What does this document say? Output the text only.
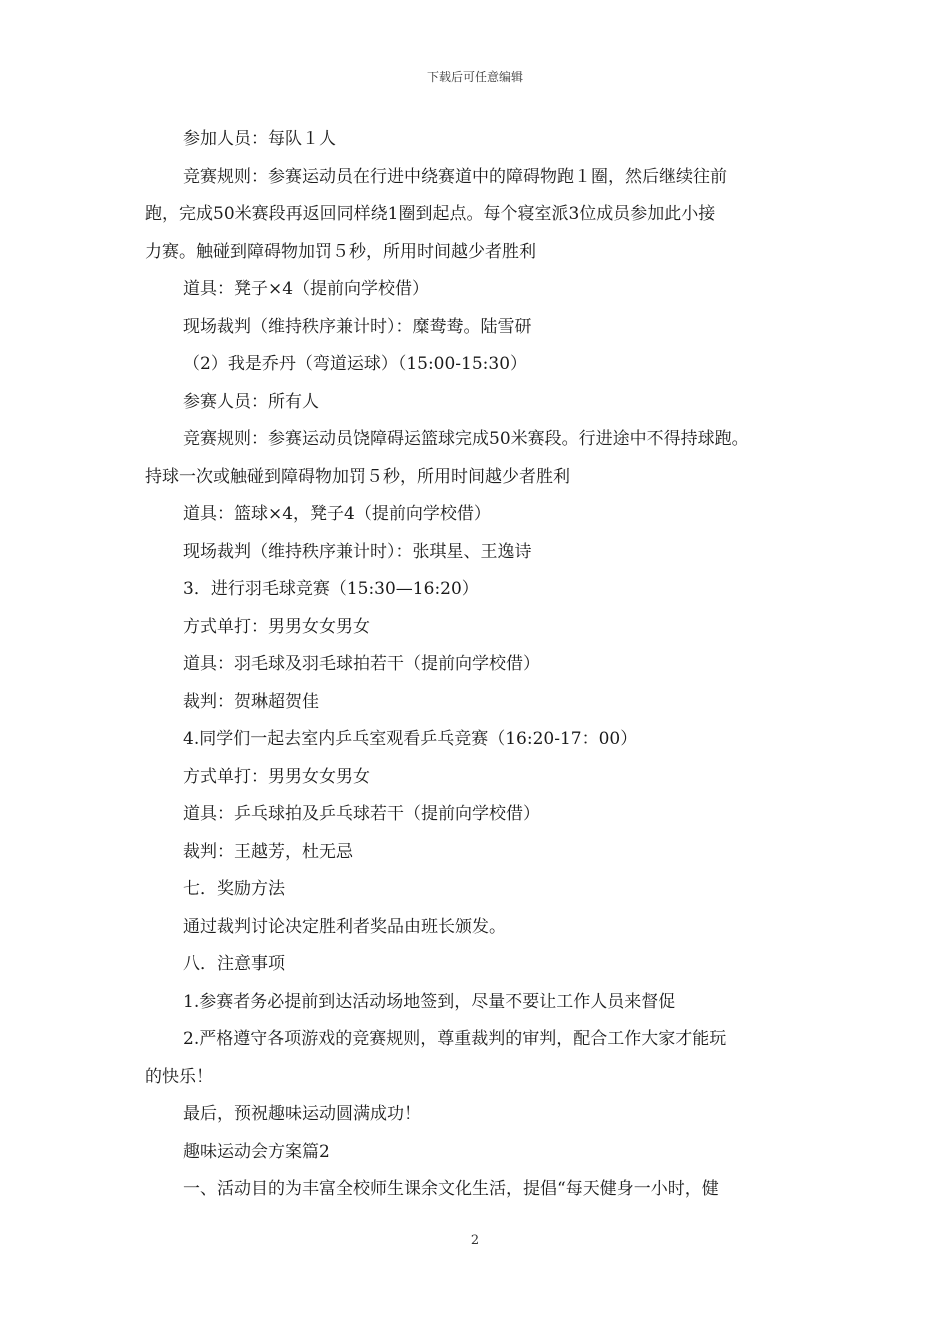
下载后可任意编辑

参加人员：每队１人

竞赛规则：参赛运动员在行进中绕赛道中的障碍物跑１圈，然后继续往前

跑，完成50米赛段再返回同样绕1圈到起点。每个寝室派3位成员参加此小接

力赛。触碰到障碍物加罚５秒，所用时间越少者胜利

道具：凳子×4（提前向学校借）

现场裁判（维持秩序兼计时）：糜鸯鸯。陆雪研

（2）我是乔丹（弯道运球）（15:00-15:30）

参赛人员：所有人

竞赛规则：参赛运动员饶障碍运篮球完成50米赛段。行进途中不得持球跑。

持球一次或触碰到障碍物加罚５秒，所用时间越少者胜利

道具：篮球×4，凳子4（提前向学校借）

现场裁判（维持秩序兼计时）：张琪星、王逸诗

3．进行羽毛球竞赛（15:30—16:20）

方式单打：男男女女男女

道具：羽毛球及羽毛球拍若干（提前向学校借）

裁判：贺琳超贺佳

4.同学们一起去室内乒乓室观看乒乓竞赛（16:20-17：00）

方式单打：男男女女男女

道具：乒乓球拍及乒乓球若干（提前向学校借）

裁判：王越芳，杜无忌

七．奖励方法

通过裁判讨论决定胜利者奖品由班长颁发。

八．注意事项

1.参赛者务必提前到达活动场地签到，尽量不要让工作人员来督促

2.严格遵守各项游戏的竞赛规则，尊重裁判的审判，配合工作大家才能玩

的快乐！

最后，预祝趣味运动圆满成功！

趣味运动会方案篇2

一、活动目的为丰富全校师生课余文化生活，提倡“每天健身一小时，健

2
